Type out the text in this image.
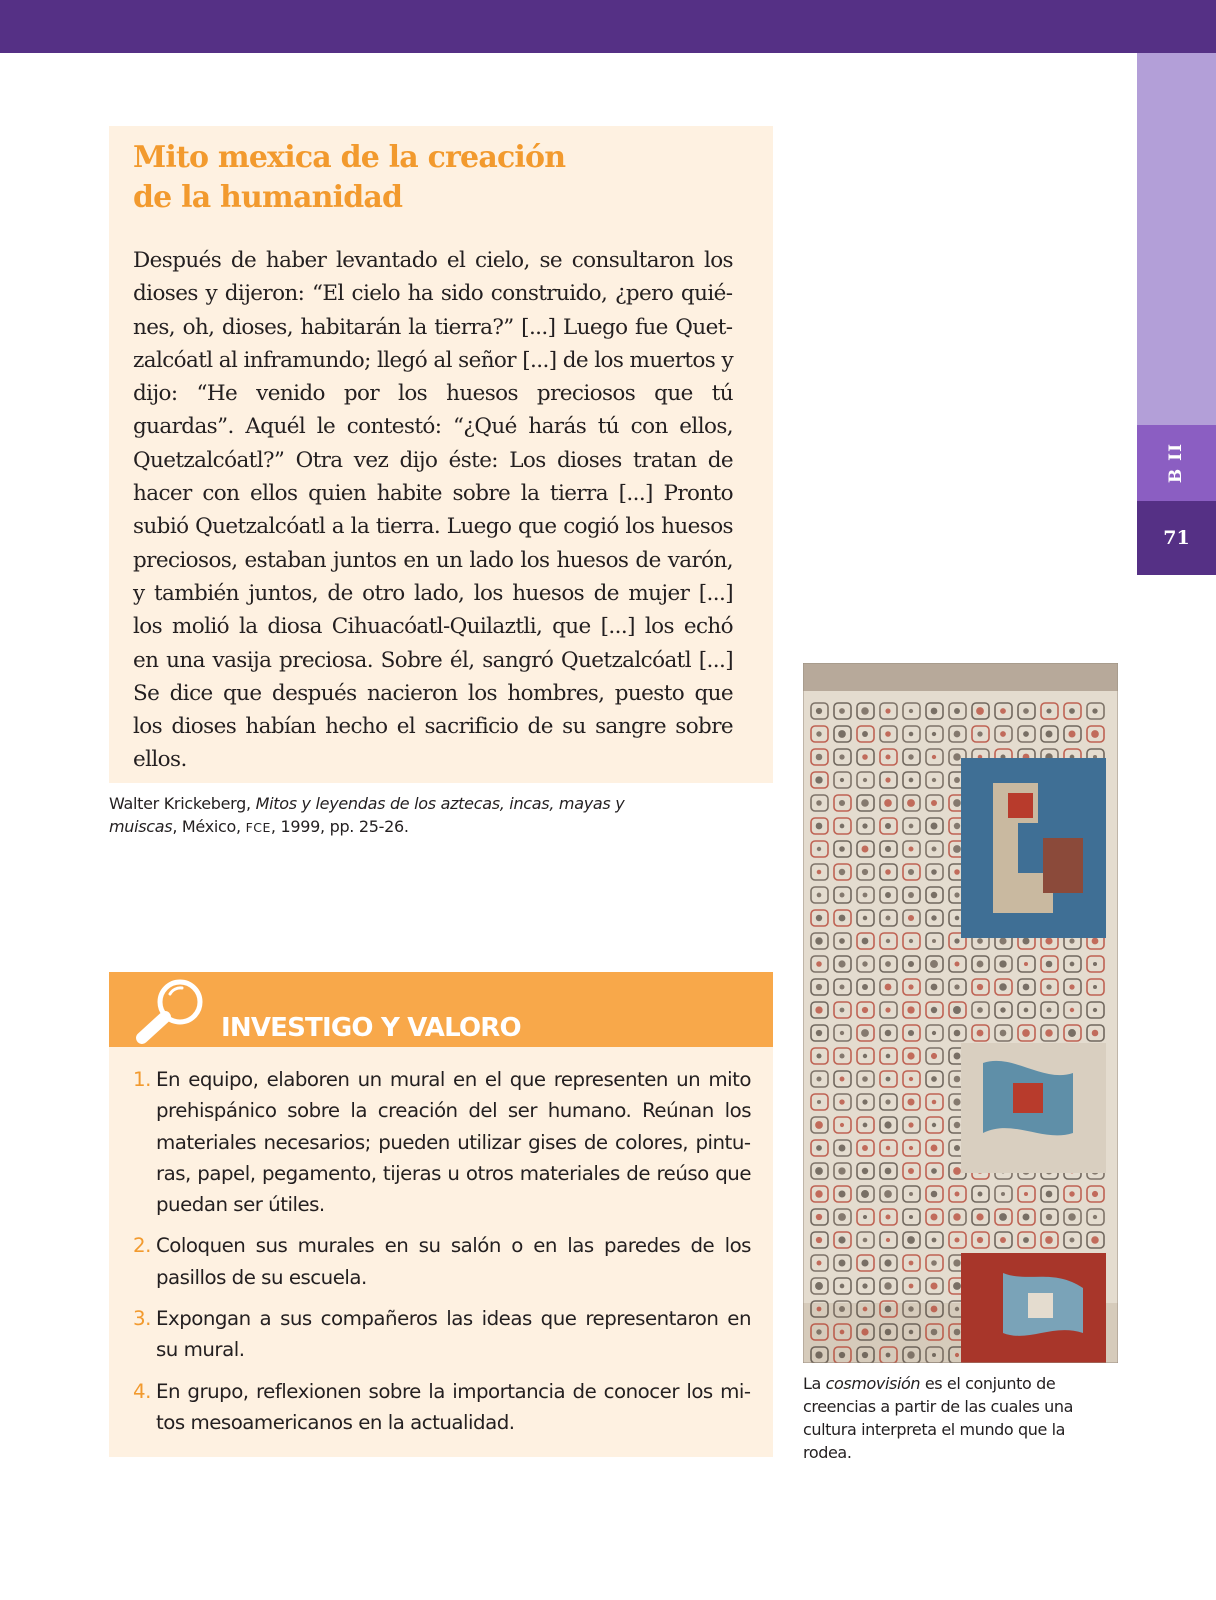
B II
71
Mito mexica de la creación
de la humanidad

Después de haber levantado el cielo, se consultaron los dioses y dijeron: “El cielo ha sido construido, ¿pero quiénes, oh, dioses, habitarán la tierra?” [...] Luego fue Quetzalcóatl al inframundo; llegó al señor [...] de los muertos y dijo: “He venido por los huesos preciosos que tú guardas”. Aquél le contestó: “¿Qué harás tú con ellos, Quetzalcóatl?” Otra vez dijo éste: Los dioses tratan de hacer con ellos quien habite sobre la tierra [...] Pronto subió Quetzalcóatl a la tierra. Luego que cogió los huesos preciosos, estaban juntos en un lado los huesos de varón, y también juntos, de otro lado, los huesos de mujer [...] los molió la diosa Cihuacóatl-Quilaztli, que [...] los echó en una vasija preciosa. Sobre él, sangró Quetzalcóatl [...] Se dice que después nacieron los hombres, puesto que los dioses habían hecho el sacrificio de su sangre sobre ellos.

Walter Krickeberg, Mitos y leyendas de los aztecas, incas, mayas y muiscas, México, FCE, 1999, pp. 25-26.

INVESTIGO Y VALORO
1. En equipo, elaboren un mural en el que representen un mito prehispánico sobre la creación del ser humano. Reúnan los materiales necesarios; pueden utilizar gises de colores, pinturas, papel, pegamento, tijeras u otros materiales de reúso que puedan ser útiles.
2. Coloquen sus murales en su salón o en las paredes de los pasillos de su escuela.
3. Expongan a sus compañeros las ideas que representaron en su mural.
4. En grupo, reflexionen sobre la importancia de conocer los mitos mesoamericanos en la actualidad.

La cosmovisión es el conjunto de creencias a partir de las cuales una cultura interpreta el mundo que la rodea.
